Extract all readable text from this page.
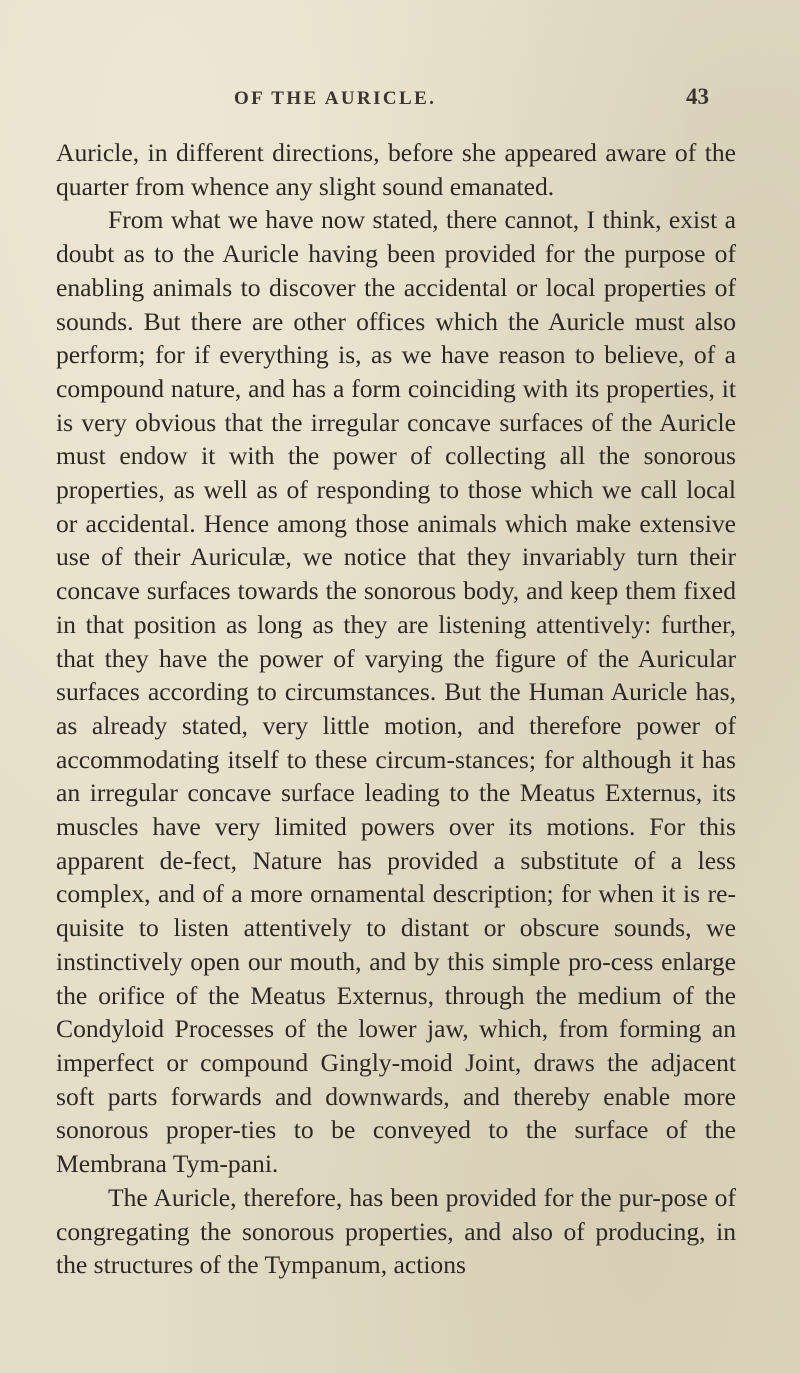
OF THE AURICLE.	43

Auricle, in different directions, before she appeared aware of the quarter from whence any slight sound emanated.

From what we have now stated, there cannot, I think, exist a doubt as to the Auricle having been provided for the purpose of enabling animals to discover the accidental or local properties of sounds. But there are other offices which the Auricle must also perform; for if everything is, as we have reason to believe, of a compound nature, and has a form coinciding with its properties, it is very obvious that the irregular concave surfaces of the Auricle must endow it with the power of collecting all the sonorous properties, as well as of responding to those which we call local or accidental. Hence among those animals which make extensive use of their Auriculæ, we notice that they invariably turn their concave surfaces towards the sonorous body, and keep them fixed in that position as long as they are listening attentively: further, that they have the power of varying the figure of the Auricular surfaces according to circumstances. But the Human Auricle has, as already stated, very little motion, and therefore power of accommodating itself to these circum-stances; for although it has an irregular concave surface leading to the Meatus Externus, its muscles have very limited powers over its motions. For this apparent de-fect, Nature has provided a substitute of a less complex, and of a more ornamental description; for when it is re-quisite to listen attentively to distant or obscure sounds, we instinctively open our mouth, and by this simple pro-cess enlarge the orifice of the Meatus Externus, through the medium of the Condyloid Processes of the lower jaw, which, from forming an imperfect or compound Gingly-moid Joint, draws the adjacent soft parts forwards and downwards, and thereby enable more sonorous proper-ties to be conveyed to the surface of the Membrana Tym-pani.

The Auricle, therefore, has been provided for the pur-pose of congregating the sonorous properties, and also of producing, in the structures of the Tympanum, actions
